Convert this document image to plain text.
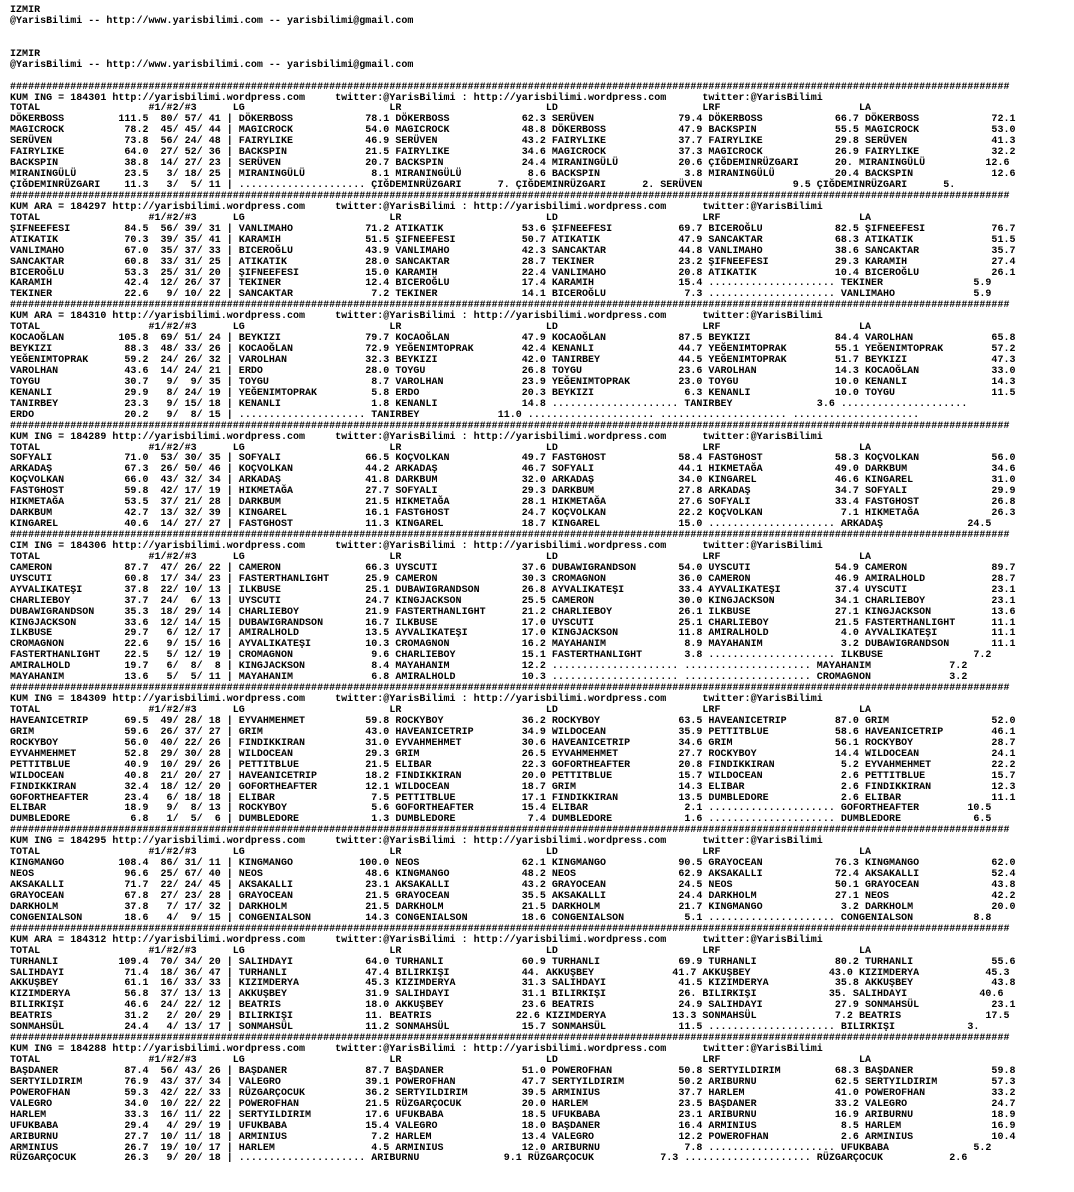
IZMIR
@YarisBilimi -- http://www.yarisbilimi.com -- yarisbilimi@gmail.com

IZMIR
@YarisBilimi -- http://www.yarisbilimi.com -- yarisbilimi@gmail.com

######################################################################################################################################################################
KUM ING = 184301 http://yarisbilimi.wordpress.com     twitter:@YarisBilimi : http://yarisbilimi.wordpress.com      twitter:@YarisBilimi
TOTAL                  #1/#2/#3      LG                        LR                        LD                        LRF                       LA
DÖKERBOSS         111.5  80/ 57/ 41 | DÖKERBOSS            78.1 DÖKERBOSS            62.3 SERÜVEN              79.4 DÖKERBOSS            66.7 DÖKERBOSS            72.1
MAGICROCK          78.2  45/ 45/ 44 | MAGICROCK            54.0 MAGICROCK            48.8 DÖKERBOSS            47.9 BACKSPIN             55.5 MAGICROCK            53.0
SERÜVEN            73.8  56/ 24/ 48 | FAIRYLIKE            46.9 SERÜVEN              43.2 FAIRYLIKE            37.7 FAIRYLIKE            29.8 SERÜVEN              41.3
FAIRYLIKE          64.0  27/ 52/ 36 | BACKSPIN             21.5 FAIRYLIKE            34.6 MAGICROCK            37.3 MAGICROCK            26.9 FAIRYLIKE            32.2
BACKSPIN           38.8  14/ 27/ 23 | SERÜVEN              20.7 BACKSPIN             24.4 MIRANINGÜLÜ          20.6 ÇIĞDEMINRÜZGARI      20. MIRANINGÜLÜ          12.6
MIRANINGÜLÜ        23.5   3/ 18/ 25 | MIRANINGÜLÜ           8.1 MIRANINGÜLÜ           8.6 BACKSPIN              3.8 MIRANINGÜLÜ          20.4 BACKSPIN             12.6
ÇIĞDEMINRÜZGARI    11.3   3/  5/ 11 | ..................... ÇIĞDEMINRÜZGARI      7. ÇIĞDEMINRÜZGARI      2. SERÜVEN               9.5 ÇIĞDEMINRÜZGARI      5.
######################################################################################################################################################################
KUM ARA = 184297 http://yarisbilimi.wordpress.com     twitter:@YarisBilimi : http://yarisbilimi.wordpress.com      twitter:@YarisBilimi
TOTAL                  #1/#2/#3      LG                        LR                        LD                        LRF                       LA
ŞIFNEEFESI         84.5  56/ 39/ 31 | VANLIMAHO            71.2 ATIKATIK             53.6 ŞIFNEEFESI           69.7 BICEROĞLU            82.5 ŞIFNEEFESI           76.7
ATIKATIK           70.3  39/ 35/ 41 | KARAMIH              51.5 ŞIFNEEFESI           50.7 ATIKATIK             47.9 SANCAKTAR            68.3 ATIKATIK             51.5
VANLIMAHO          67.0  35/ 37/ 33 | BICEROĞLU            43.9 VANLIMAHO            42.3 SANCAKTAR            44.8 VANLIMAHO            38.6 SANCAKTAR            35.7
SANCAKTAR          60.8  33/ 31/ 25 | ATIKATIK             28.0 SANCAKTAR            28.7 TEKINER              23.2 ŞIFNEEFESI           29.3 KARAMIH              27.4
BICEROĞLU          53.3  25/ 31/ 20 | ŞIFNEEFESI           15.0 KARAMIH              22.4 VANLIMAHO            20.8 ATIKATIK             10.4 BICEROĞLU            26.1
KARAMIH            42.4  12/ 26/ 37 | TEKINER              12.4 BICEROĞLU            17.4 KARAMIH              15.4 ..................... TEKINER               5.9
TEKINER            22.6   9/ 10/ 22 | SANCAKTAR             7.2 TEKINER              14.1 BICEROĞLU             7.3 ..................... VANLIMAHO             5.9
######################################################################################################################################################################
KUM ARA = 184310 http://yarisbilimi.wordpress.com     twitter:@YarisBilimi : http://yarisbilimi.wordpress.com      twitter:@YarisBilimi
TOTAL                  #1/#2/#3      LG                        LR                        LD                        LRF                       LA
KOCAOĞLAN         105.8  69/ 51/ 24 | BEYKIZI              79.7 KOCAOĞLAN            47.9 KOCAOĞLAN            87.5 BEYKIZI              84.4 VAROLHAN             65.8
BEYKIZI            88.3  48/ 33/ 26 | KOCAOĞLAN            72.9 YEĞENIMTOPRAK        42.4 KENANLI              44.7 YEĞENIMTOPRAK        55.1 YEĞENIMTOPRAK        57.2
YEĞENIMTOPRAK      59.2  24/ 26/ 32 | VAROLHAN             32.3 BEYKIZI              42.0 TANIRBEY             44.5 YEĞENIMTOPRAK        51.7 BEYKIZI              47.3
VAROLHAN           43.6  14/ 24/ 21 | ERDO                 28.0 TOYGU                26.8 TOYGU                23.6 VAROLHAN             14.3 KOCAOĞLAN            33.0
TOYGU              30.7   9/  9/ 35 | TOYGU                 8.7 VAROLHAN             23.9 YEĞENIMTOPRAK        23.0 TOYGU                10.0 KENANLI              14.3
KENANLI            29.9   8/ 24/ 19 | YEĞENIMTOPRAK         5.8 ERDO                 20.3 BEYKIZI               6.3 KENANLI              10.0 TOYGU                11.5
TANIRBEY           23.3   9/ 15/ 18 | KENANLI               1.8 KENANLI              14.8 ..................... TANIRBEY              3.6 .....................
ERDO               20.2   9/  8/ 15 | ..................... TANIRBEY             11.0 ..................... ..................... .....................
######################################################################################################################################################################
KUM ING = 184289 http://yarisbilimi.wordpress.com     twitter:@YarisBilimi : http://yarisbilimi.wordpress.com      twitter:@YarisBilimi
TOTAL                  #1/#2/#3      LG                        LR                        LD                        LRF                       LA
SOFYALI            71.0  53/ 30/ 35 | SOFYALI              66.5 KOÇVOLKAN            49.7 FASTGHOST            58.4 FASTGHOST            58.3 KOÇVOLKAN            56.0
ARKADAŞ            67.3  26/ 50/ 46 | KOÇVOLKAN            44.2 ARKADAŞ              46.7 SOFYALI              44.1 HIKMETAĞA            49.0 DARKBUM              34.6
KOÇVOLKAN          66.0  43/ 32/ 34 | ARKADAŞ              41.8 DARKBUM              32.0 ARKADAŞ              34.0 KINGAREL             46.6 KINGAREL             31.0
FASTGHOST          59.8  42/ 17/ 19 | HIKMETAĞA            27.7 SOFYALI              29.3 DARKBUM              27.8 ARKADAŞ              34.7 SOFYALI              29.9
HIKMETAĞA          53.5  37/ 21/ 28 | DARKBUM              21.5 HIKMETAĞA            28.1 HIKMETAĞA            27.6 SOFYALI              33.4 FASTGHOST            26.8
DARKBUM            42.7  13/ 32/ 39 | KINGAREL             16.1 FASTGHOST            24.7 KOÇVOLKAN            22.2 KOÇVOLKAN             7.1 HIKMETAĞA            26.3
KINGAREL           40.6  14/ 27/ 27 | FASTGHOST            11.3 KINGAREL             18.7 KINGAREL             15.0 ..................... ARKADAŞ              24.5
######################################################################################################################################################################
CIM ING = 184306 http://yarisbilimi.wordpress.com     twitter:@YarisBilimi : http://yarisbilimi.wordpress.com      twitter:@YarisBilimi
TOTAL                  #1/#2/#3      LG                        LR                        LD                        LRF                       LA
CAMERON            87.7  47/ 26/ 22 | CAMERON              66.3 UYSCUTI              37.6 DUBAWIGRANDSON       54.0 UYSCUTI              54.9 CAMERON              89.7
UYSCUTI            60.8  17/ 34/ 23 | FASTERTHANLIGHT      25.9 CAMERON              30.3 CROMAGNON            36.0 CAMERON              46.9 AMIRALHOLD           28.7
AYVALIKATEŞI       37.8  22/ 10/ 13 | ILKBUSE              25.1 DUBAWIGRANDSON       26.8 AYVALIKATEŞI         33.4 AYVALIKATEŞI         37.4 UYSCUTI              23.1
CHARLIEBOY         37.7  24/  6/ 13 | UYSCUTI              24.7 KINGJACKSON          25.5 CAMERON              30.0 KINGJACKSON          34.1 CHARLIEBOY           23.1
DUBAWIGRANDSON     35.3  18/ 29/ 14 | CHARLIEBOY           21.9 FASTERTHANLIGHT      21.2 CHARLIEBOY           26.1 ILKBUSE              27.1 KINGJACKSON          13.6
KINGJACKSON        33.6  12/ 14/ 15 | DUBAWIGRANDSON       16.7 ILKBUSE              17.0 UYSCUTI              25.1 CHARLIEBOY           21.5 FASTERTHANLIGHT      11.1
ILKBUSE            29.7   6/ 12/ 17 | AMIRALHOLD           13.5 AYVALIKATEŞI         17.0 KINGJACKSON          11.8 AMIRALHOLD            4.0 AYVALIKATEŞI         11.1
CROMAGNON          22.6   9/ 15/ 16 | AYVALIKATEŞI         10.3 CROMAGNON            16.2 MAYAHANIM             8.9 MAYAHANIM             3.2 DUBAWIGRANDSON       11.1
FASTERTHANLIGHT    22.5   5/ 12/ 19 | CROMAGNON             9.6 CHARLIEBOY           15.1 FASTERTHANLIGHT       3.8 ..................... ILKBUSE               7.2
AMIRALHOLD         19.7   6/  8/  8 | KINGJACKSON           8.4 MAYAHANIM            12.2 ..................... ..................... MAYAHANIM             7.2
MAYAHANIM          13.6   5/  5/ 11 | MAYAHANIM             6.8 AMIRALHOLD           10.3 ..................... ..................... CROMAGNON             3.2
######################################################################################################################################################################
KUM ING = 184309 http://yarisbilimi.wordpress.com     twitter:@YarisBilimi : http://yarisbilimi.wordpress.com      twitter:@YarisBilimi
TOTAL                  #1/#2/#3      LG                        LR                        LD                        LRF                       LA
HAVEANICETRIP      69.5  49/ 28/ 18 | EYVAHMEHMET          59.8 ROCKYBOY             36.2 ROCKYBOY             63.5 HAVEANICETRIP        87.0 GRIM                 52.0
GRIM               59.6  26/ 37/ 27 | GRIM                 43.0 HAVEANICETRIP        34.9 WILDOCEAN            35.9 PETTITBLUE           58.6 HAVEANICETRIP        46.1
ROCKYBOY           56.0  40/ 22/ 26 | FINDIKKIRAN          31.0 EYVAHMEHMET          30.6 HAVEANICETRIP        34.6 GRIM                 56.1 ROCKYBOY             28.7
EYVAHMEHMET        52.8  29/ 30/ 28 | WILDOCEAN            29.3 GRIM                 26.5 EYVAHMEHMET          27.7 ROCKYBOY             14.4 WILDOCEAN            24.1
PETTITBLUE         40.9  10/ 29/ 26 | PETTITBLUE           21.5 ELIBAR               22.3 GOFORTHEAFTER        20.8 FINDIKKIRAN           5.2 EYVAHMEHMET          22.2
WILDOCEAN          40.8  21/ 20/ 27 | HAVEANICETRIP        18.2 FINDIKKIRAN          20.0 PETTITBLUE           15.7 WILDOCEAN             2.6 PETTITBLUE           15.7
FINDIKKIRAN        32.4  18/ 12/ 20 | GOFORTHEAFTER        12.1 WILDOCEAN            18.7 GRIM                 14.3 ELIBAR                2.6 FINDIKKIRAN          12.3
GOFORTHEAFTER      23.4   6/ 18/ 18 | ELIBAR                7.5 PETTITBLUE           17.1 FINDIKKIRAN          13.5 DUMBLEDORE            2.6 ELIBAR               11.1
ELIBAR             18.9   9/  8/ 13 | ROCKYBOY              5.6 GOFORTHEAFTER        15.4 ELIBAR                2.1 ..................... GOFORTHEAFTER        10.5
DUMBLEDORE          6.8   1/  5/  6 | DUMBLEDORE            1.3 DUMBLEDORE            7.4 DUMBLEDORE            1.6 ..................... DUMBLEDORE            6.5
######################################################################################################################################################################
KUM ING = 184295 http://yarisbilimi.wordpress.com     twitter:@YarisBilimi : http://yarisbilimi.wordpress.com      twitter:@YarisBilimi
TOTAL                  #1/#2/#3      LG                        LR                        LD                        LRF                       LA
KINGMANGO         108.4  86/ 31/ 11 | KINGMANGO           100.0 NEOS                 62.1 KINGMANGO            90.5 GRAYOCEAN            76.3 KINGMANGO            62.0
NEOS               96.6  25/ 67/ 40 | NEOS                 48.6 KINGMANGO            48.2 NEOS                 62.9 AKSAKALLI            72.4 AKSAKALLI            52.4
AKSAKALLI          71.7  22/ 24/ 45 | AKSAKALLI            23.1 AKSAKALLI            43.2 GRAYOCEAN            24.5 NEOS                 50.1 GRAYOCEAN            43.8
GRAYOCEAN          67.8  27/ 23/ 28 | GRAYOCEAN            21.5 GRAYOCEAN            35.5 AKSAKALLI            24.4 DARKHOLM             27.1 NEOS                 42.2
DARKHOLM           37.8   7/ 17/ 32 | DARKHOLM             21.5 DARKHOLM             21.5 DARKHOLM             21.7 KINGMANGO             3.2 DARKHOLM             20.0
CONGENIALSON       18.6   4/  9/ 15 | CONGENIALSON         14.3 CONGENIALSON         18.6 CONGENIALSON          5.1 ..................... CONGENIALSON          8.8
######################################################################################################################################################################
KUM ARA = 184312 http://yarisbilimi.wordpress.com     twitter:@YarisBilimi : http://yarisbilimi.wordpress.com      twitter:@YarisBilimi
TOTAL                  #1/#2/#3      LG                        LR                        LD                        LRF                       LA
TURHANLI          109.4  70/ 34/ 20 | SALIHDAYI            64.0 TURHANLI             60.9 TURHANLI             69.9 TURHANLI             80.2 TURHANLI             55.6
SALIHDAYI          71.4  18/ 36/ 47 | TURHANLI             47.4 BILIRKIŞI            44. AKKUŞBEY             41.7 AKKUŞBEY             43.0 KIZIMDERYA           45.3
AKKUŞBEY           61.1  16/ 33/ 33 | KIZIMDERYA           45.3 KIZIMDERYA           31.3 SALIHDAYI            41.5 KIZIMDERYA           35.8 AKKUŞBEY             43.8
KIZIMDERYA         56.8  37/ 13/ 13 | AKKUŞBEY             31.9 SALIHDAYI            31.1 BILIRKIŞI            26. BILIRKIŞI            35. SALIHDAYI            40.6
BILIRKIŞI          46.6  24/ 22/ 12 | BEATRIS              18.0 AKKUŞBEY             23.6 BEATRIS              24.9 SALIHDAYI            27.9 SONMAHSÜL            23.1
BEATRIS            31.2   2/ 20/ 29 | BILIRKIŞI            11. BEATRIS              22.6 KIZIMDERYA           13.3 SONMAHSÜL             7.2 BEATRIS              17.5
SONMAHSÜL          24.4   4/ 13/ 17 | SONMAHSÜL            11.2 SONMAHSÜL            15.7 SONMAHSÜL            11.5 ..................... BILIRKIŞI            3.
######################################################################################################################################################################
KUM ING = 184288 http://yarisbilimi.wordpress.com     twitter:@YarisBilimi : http://yarisbilimi.wordpress.com      twitter:@YarisBilimi
TOTAL                  #1/#2/#3      LG                        LR                        LD                        LRF                       LA
BAŞDANER           87.4  56/ 43/ 26 | BAŞDANER             87.7 BAŞDANER             51.0 POWEROFHAN           50.8 SERTYILDIRIM         68.3 BAŞDANER             59.8
SERTYILDIRIM       76.9  43/ 37/ 34 | VALEGRO              39.1 POWEROFHAN           47.7 SERTYILDIRIM         50.2 ARIBURNU             62.5 SERTYILDIRIM         57.3
POWEROFHAN         59.3  42/ 22/ 33 | RÜZGARÇOCUK          36.2 SERTYILDIRIM         39.5 ARMINIUS             37.7 HARLEM               41.0 POWEROFHAN           33.2
VALEGRO            34.0  10/ 22/ 22 | POWEROFHAN           21.5 RÜZGARÇOCUK          20.0 HARLEM               23.5 BAŞDANER             33.2 VALEGRO              24.7
HARLEM             33.3  16/ 11/ 22 | SERTYILDIRIM         17.6 UFUKBABA             18.5 UFUKBABA             23.1 ARIBURNU             16.9 ARIBURNU             18.9
UFUKBABA           29.4   4/ 29/ 19 | UFUKBABA             15.4 VALEGRO              18.0 BAŞDANER             16.4 ARMINIUS              8.5 HARLEM               16.9
ARIBURNU           27.7  10/ 11/ 18 | ARMINIUS              7.2 HARLEM               13.4 VALEGRO              12.2 POWEROFHAN            2.6 ARMINIUS             10.4
ARMINIUS           26.7  19/ 10/ 17 | HARLEM                4.5 ARMINIUS             12.0 ARIBURNU              7.8 ..................... UFUKBABA              5.2
RÜZGARÇOCUK        26.3   9/ 20/ 18 | ..................... ARIBURNU              9.1 RÜZGARÇOCUK           7.3 ..................... RÜZGARÇOCUK           2.6
